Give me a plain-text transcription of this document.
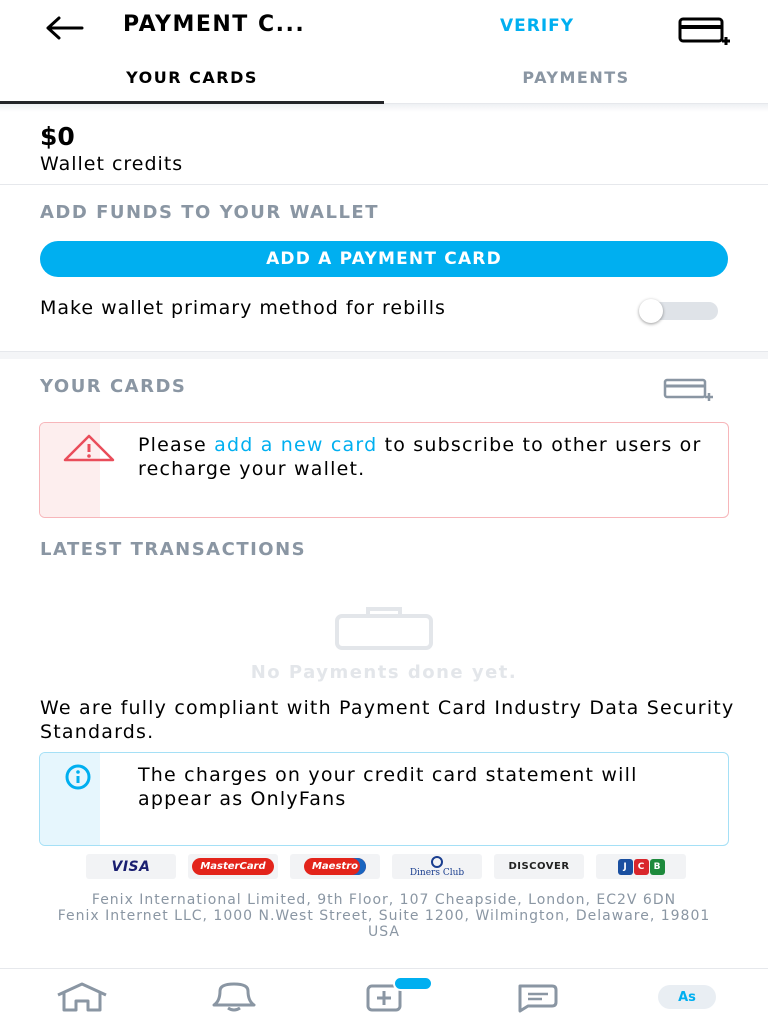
PAYMENT C...	VERIFY
YOUR CARDS	PAYMENTS
$0
Wallet credits
ADD FUNDS TO YOUR WALLET
ADD A PAYMENT CARD
Make wallet primary method for rebills
YOUR CARDS
Please add a new card to subscribe to other users or recharge your wallet.
LATEST TRANSACTIONS
No Payments done yet.
We are fully compliant with Payment Card Industry Data Security Standards.
The charges on your credit card statement will appear as OnlyFans
VISA	MasterCard	Maestro
Diners Club
DISCOVER	J	C	B
Fenix International Limited, 9th Floor, 107 Cheapside, London, EC2V 6DN
Fenix Internet LLC, 1000 N.West Street, Suite 1200, Wilmington, Delaware, 19801 USA
As
